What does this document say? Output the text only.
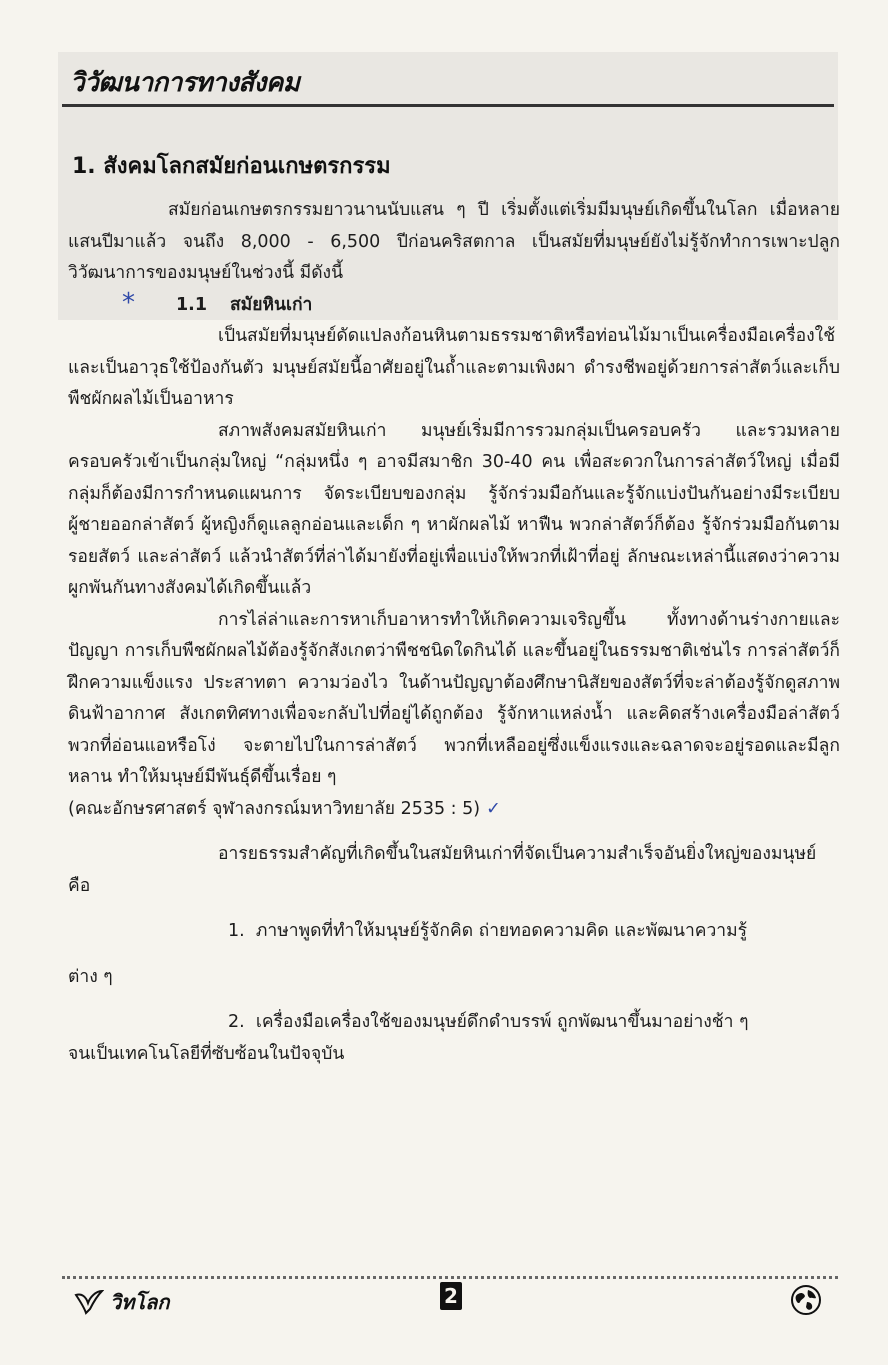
วิวัฒนาการทางสังคม
1. สังคมโลกสมัยก่อนเกษตรกรรม

สมัยก่อนเกษตรกรรมยาวนานนับแสน ๆ ปี เริ่มตั้งแต่เริ่มมีมนุษย์เกิดขึ้นในโลก เมื่อหลายแสนปีมาแล้ว จนถึง 8,000 - 6,500 ปีก่อนคริสตกาล เป็นสมัยที่มนุษย์ยังไม่รู้จักทำการเพาะปลูก วิวัฒนาการของมนุษย์ในช่วงนี้ มีดังนี้

* 1.1 สมัยหินเก่า

เป็นสมัยที่มนุษย์ดัดแปลงก้อนหินตามธรรมชาติหรือท่อนไม้มาเป็นเครื่องมือเครื่องใช้และเป็นอาวุธใช้ป้องกันตัว มนุษย์สมัยนี้อาศัยอยู่ในถ้ำและตามเพิงผา ดำรงชีพอยู่ด้วยการล่าสัตว์และเก็บพืชผักผลไม้เป็นอาหาร

สภาพสังคมสมัยหินเก่า มนุษย์เริ่มมีการรวมกลุ่มเป็นครอบครัว และรวมหลายครอบครัวเข้าเป็นกลุ่มใหญ่ “กลุ่มหนึ่ง ๆ อาจมีสมาชิก 30-40 คน เพื่อสะดวกในการล่าสัตว์ใหญ่ เมื่อมีกลุ่มก็ต้องมีการกำหนดแผนการ จัดระเบียบของกลุ่ม รู้จักร่วมมือกันและรู้จักแบ่งปันกันอย่างมีระเบียบ ผู้ชายออกล่าสัตว์ ผู้หญิงก็ดูแลลูกอ่อนและเด็ก ๆ หาผักผลไม้ หาฟืน พวกล่าสัตว์ก็ต้อง รู้จักร่วมมือกันตามรอยสัตว์ และล่าสัตว์ แล้วนำสัตว์ที่ล่าได้มายังที่อยู่เพื่อแบ่งให้พวกที่เฝ้าที่อยู่ ลักษณะเหล่านี้แสดงว่าความผูกพันกันทางสังคมได้เกิดขึ้นแล้ว

การไล่ล่าและการหาเก็บอาหารทำให้เกิดความเจริญขึ้น ทั้งทางด้านร่างกายและปัญญา การเก็บพืชผักผลไม้ต้องรู้จักสังเกตว่าพืชชนิดใดกินได้ และขึ้นอยู่ในธรรมชาติเช่นไร การล่าสัตว์ก็ฝึกความแข็งแรง ประสาทตา ความว่องไว ในด้านปัญญาต้องศึกษานิสัยของสัตว์ที่จะล่าต้องรู้จักดูสภาพดินฟ้าอากาศ สังเกตทิศทางเพื่อจะกลับไปที่อยู่ได้ถูกต้อง รู้จักหาแหล่งน้ำ และคิดสร้างเครื่องมือล่าสัตว์ พวกที่อ่อนแอหรือโง่ จะตายไปในการล่าสัตว์ พวกที่เหลืออยู่ซึ่งแข็งแรงและฉลาดจะอยู่รอดและมีลูกหลาน ทำให้มนุษย์มีพันธุ์ดีขึ้นเรื่อย ๆ

(คณะอักษรศาสตร์ จุฬาลงกรณ์มหาวิทยาลัย 2535 : 5) ✓

อารยธรรมสำคัญที่เกิดขึ้นในสมัยหินเก่าที่จัดเป็นความสำเร็จอันยิ่งใหญ่ของมนุษย์ คือ

1. ภาษาพูดที่ทำให้มนุษย์รู้จักคิด ถ่ายทอดความคิด และพัฒนาความรู้

ต่าง ๆ

2. เครื่องมือเครื่องใช้ของมนุษย์ดึกดำบรรพ์ ถูกพัฒนาขึ้นมาอย่างช้า ๆ

จนเป็นเทคโนโลยีที่ซับซ้อนในปัจจุบัน

วิทโลก	2
